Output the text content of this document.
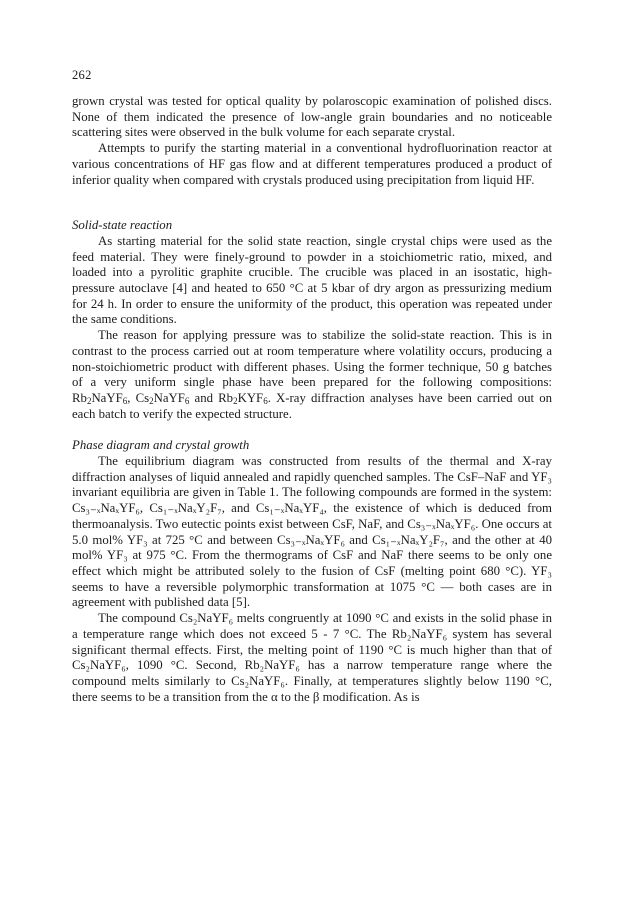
262

grown crystal was tested for optical quality by polaroscopic examination of polished discs. None of them indicated the presence of low-angle grain boundaries and no noticeable scattering sites were observed in the bulk volume for each separate crystal.

Attempts to purify the starting material in a conventional hydrofluorination reactor at various concentrations of HF gas flow and at different temperatures produced a product of inferior quality when compared with crystals produced using precipitation from liquid HF.

Solid-state reaction

As starting material for the solid state reaction, single crystal chips were used as the feed material. They were finely-ground to powder in a stoichiometric ratio, mixed, and loaded into a pyrolitic graphite crucible. The crucible was placed in an isostatic, high-pressure autoclave [4] and heated to 650 °C at 5 kbar of dry argon as pressurizing medium for 24 h. In order to ensure the uniformity of the product, this operation was repeated under the same conditions.

The reason for applying pressure was to stabilize the solid-state reaction. This is in contrast to the process carried out at room temperature where volatility occurs, producing a non-stoichiometric product with different phases. Using the former technique, 50 g batches of a very uniform single phase have been prepared for the following compositions: $Rb_2NaYF_6$, $Cs_2NaYF_6$ and $Rb_2KYF_6$. X-ray diffraction analyses have been carried out on each batch to verify the expected structure.

Phase diagram and crystal growth

The equilibrium diagram was constructed from results of the thermal and X-ray diffraction analyses of liquid annealed and rapidly quenched samples. The CsF–NaF and YF₃ invariant equilibria are given in Table 1. The following compounds are formed in the system: Cs₃₋ₓNaₓYF₆, Cs₁₋ₓNaₓY₂F₇, and Cs₁₋ₓNaₓYF₄, the existence of which is deduced from thermoanalysis. Two eutectic points exist between CsF, NaF, and Cs₃₋ₓNaₓYF₆. One occurs at 5.0 mol% YF₃ at 725 °C and between Cs₃₋ₓNaₓYF₆ and Cs₁₋ₓNaₓY₂F₇, and the other at 40 mol% YF₃ at 975 °C. From the thermograms of CsF and NaF there seems to be only one effect which might be attributed solely to the fusion of CsF (melting point 680 °C). YF₃ seems to have a reversible polymorphic transformation at 1075 °C — both cases are in agreement with published data [5].

The compound Cs₂NaYF₆ melts congruently at 1090 °C and exists in the solid phase in a temperature range which does not exceed 5 - 7 °C. The Rb₂NaYF₆ system has several significant thermal effects. First, the melting point of 1190 °C is much higher than that of Cs₂NaYF₆, 1090 °C. Second, Rb₂NaYF₆ has a narrow temperature range where the compound melts similarly to Cs₂NaYF₆. Finally, at temperatures slightly below 1190 °C, there seems to be a transition from the α to the β modification. As is
